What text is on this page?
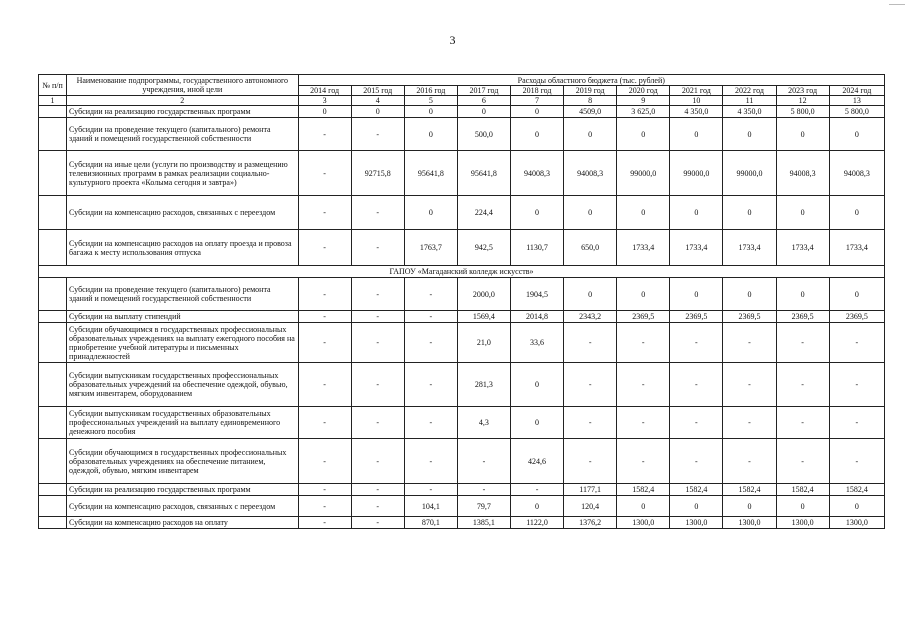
3
№ п/п	Наименование подпрограммы, государственного автономного учреждения, иной цели	Расходы областного бюджета (тыс. рублей)										
		2014 год	2015 год	2016 год	2017 год	2018 год	2019 год	2020 год	2021 год	2022 год	2023 год	2024 год
1	2	3	4	5	6	7	8	9	10	11	12	13
	Субсидии на реализацию государственных программ	0	0	0	0	0	4509,0	3 625,0	4 350,0	4 350,0	5 800,0	5 800,0
	Субсидии на проведение текущего (капитального) ремонта зданий и помещений государственной собственности	-	-	0	500,0	0	0	0	0	0	0	0
	Субсидии на иные цели (услуги по производству и размещению телевизионных программ в рамках реализации социально-культурного проекта «Колыма сегодня и завтра»)	-	92715,8	95641,8	95641,8	94008,3	94008,3	99000,0	99000,0	99000,0	94008,3	94008,3
	Субсидии на компенсацию расходов, связанных с переездом	-	-	0	224,4	0	0	0	0	0	0	0
	Субсидии на компенсацию расходов на оплату проезда и провоза багажа к месту использования отпуска	-	-	1763,7	942,5	1130,7	650,0	1733,4	1733,4	1733,4	1733,4	1733,4
ГАПОУ «Магаданский колледж искусств»												
	Субсидии на проведение текущего (капитального) ремонта зданий и помещений государственной собственности	-	-	-	2000,0	1904,5	0	0	0	0	0	0
	Субсидии на выплату стипендий	-	-	-	1569,4	2014,8	2343,2	2369,5	2369,5	2369,5	2369,5	2369,5
	Субсидии обучающимся в государственных профессиональных образовательных учреждениях на выплату ежегодного пособия на приобретение учебной литературы и письменных принадлежностей	-	-	-	21,0	33,6	-	-	-	-	-	-
	Субсидии выпускникам государственных профессиональных образовательных учреждений на обеспечение одеждой, обувью, мягким инвентарем, оборудованием	-	-	-	281,3	0	-	-	-	-	-	-
	Субсидии выпускникам государственных образовательных профессиональных учреждений на выплату единовременного денежного пособия	-	-	-	4,3	0	-	-	-	-	-	-
	Субсидии обучающимся в государственных профессиональных образовательных учреждениях на обеспечение питанием, одеждой, обувью, мягким инвентарем	-	-	-	-	424,6	-	-	-	-	-	-
	Субсидии на реализацию государственных программ	-	-	-	-	-	1177,1	1582,4	1582,4	1582,4	1582,4	1582,4
	Субсидии на компенсацию расходов, связанных с переездом	-	-	104,1	79,7	0	120,4	0	0	0	0	0
	Субсидии на компенсацию расходов на оплату	-	-	870,1	1385,1	1122,0	1376,2	1300,0	1300,0	1300,0	1300,0	1300,0
